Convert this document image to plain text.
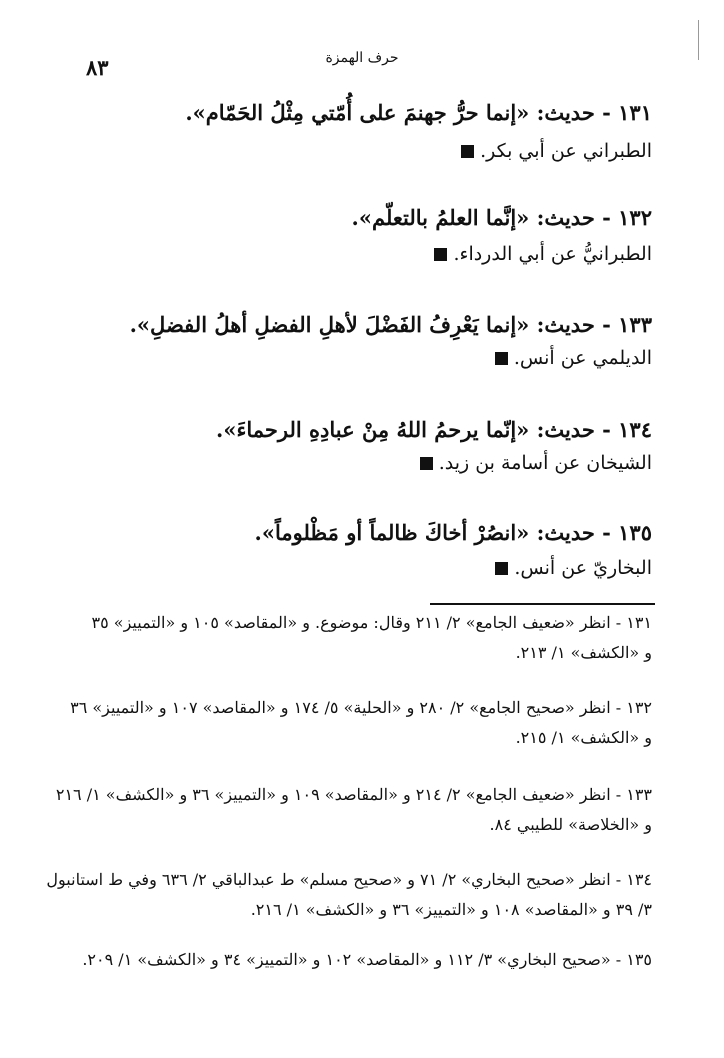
٨٣	حرف الهمزة
١٣١ - حديث: «إنما حرُّ جهنمَ على أُمّتي مِثْلُ الحَمّام».
الطبراني عن أبي بكر.
١٣٢ - حديث: «إنَّما العلمُ بالتعلّم».
الطبرانيُّ عن أبي الدرداء.
١٣٣ - حديث: «إنما يَعْرِفُ الفَضْلَ لأهلِ الفضلِ أهلُ الفضلِ».
الديلمي عن أنس.
١٣٤ - حديث: «إنّما يرحمُ اللهُ مِنْ عبادِهِ الرحماءَ».
الشيخان عن أسامة بن زيد.
١٣٥ - حديث: «انصُرْ أخاكَ ظالماً أو مَظْلوماً».
البخاريّ عن أنس.
١٣١ - انظر «ضعيف الجامع» ٢/ ٢١١ وقال: موضوع. و «المقاصد» ١٠٥ و «التمييز» ٣٥
و «الكشف» ١/ ٢١٣.
١٣٢ - انظر «صحيح الجامع» ٢/ ٢٨٠ و «الحلية» ٥/ ١٧٤ و «المقاصد» ١٠٧ و «التمييز» ٣٦
و «الكشف» ١/ ٢١٥.
١٣٣ - انظر «ضعيف الجامع» ٢/ ٢١٤ و «المقاصد» ١٠٩ و «التمييز» ٣٦ و «الكشف» ١/ ٢١٦
و «الخلاصة» للطيبي ٨٤.
١٣٤ - انظر «صحيح البخاري» ٢/ ٧١ و «صحيح مسلم» ط عبدالباقي ٢/ ٦٣٦ وفي ط استانبول
٣/ ٣٩ و «المقاصد» ١٠٨ و «التمييز» ٣٦ و «الكشف» ١/ ٢١٦.
١٣٥ - «صحيح البخاري» ٣/ ١١٢ و «المقاصد» ١٠٢ و «التمييز» ٣٤ و «الكشف» ١/ ٢٠٩.
